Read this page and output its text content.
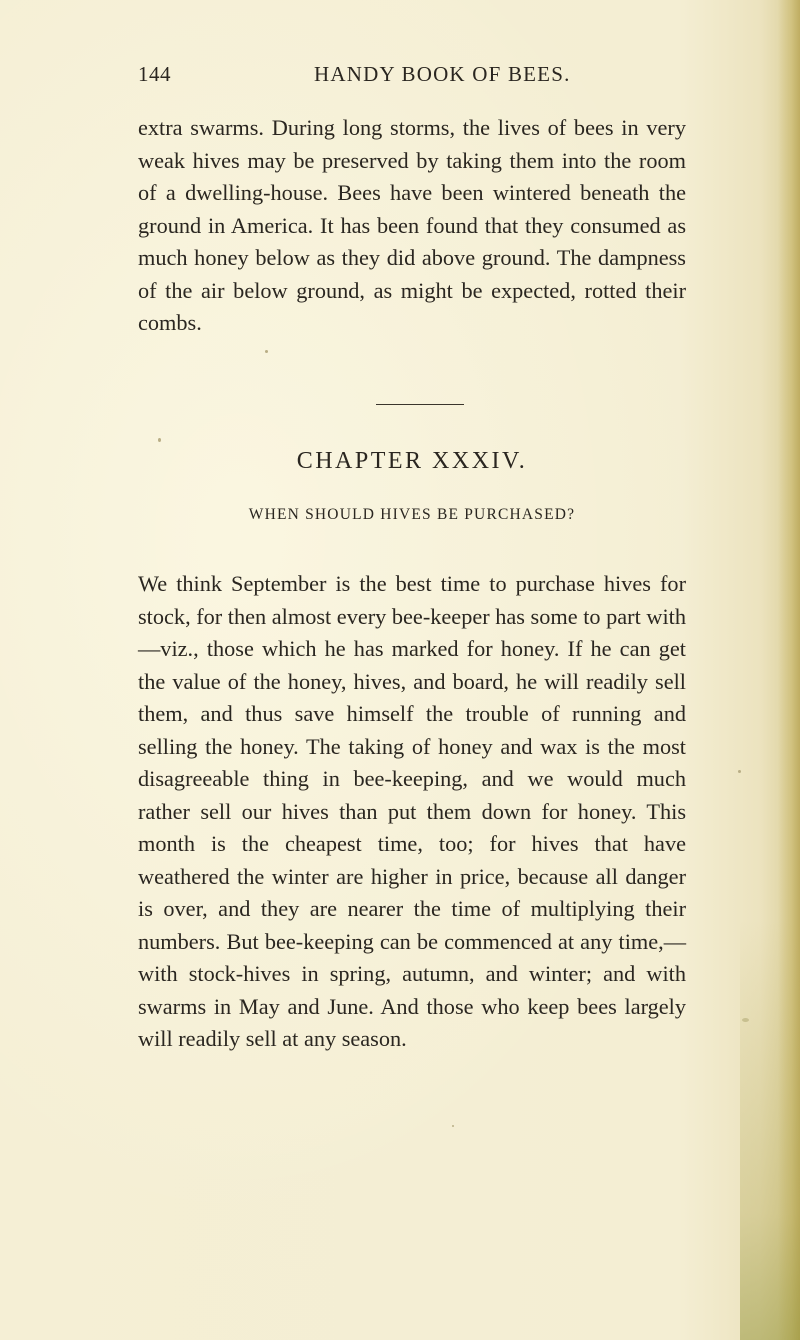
144	HANDY BOOK OF BEES.
extra swarms. During long storms, the lives of bees in very weak hives may be preserved by taking them into the room of a dwelling-house. Bees have been wintered beneath the ground in America. It has been found that they consumed as much honey below as they did above ground. The dampness of the air below ground, as might be expected, rotted their combs.
CHAPTER XXXIV.
WHEN SHOULD HIVES BE PURCHASED?
We think September is the best time to purchase hives for stock, for then almost every bee-keeper has some to part with—viz., those which he has marked for honey. If he can get the value of the honey, hives, and board, he will readily sell them, and thus save himself the trouble of running and selling the honey. The taking of honey and wax is the most disagreeable thing in bee-keeping, and we would much rather sell our hives than put them down for honey. This month is the cheapest time, too; for hives that have weathered the winter are higher in price, because all danger is over, and they are nearer the time of multiplying their numbers. But bee-keeping can be commenced at any time,—with stock-hives in spring, autumn, and winter; and with swarms in May and June. And those who keep bees largely will readily sell at any season.
